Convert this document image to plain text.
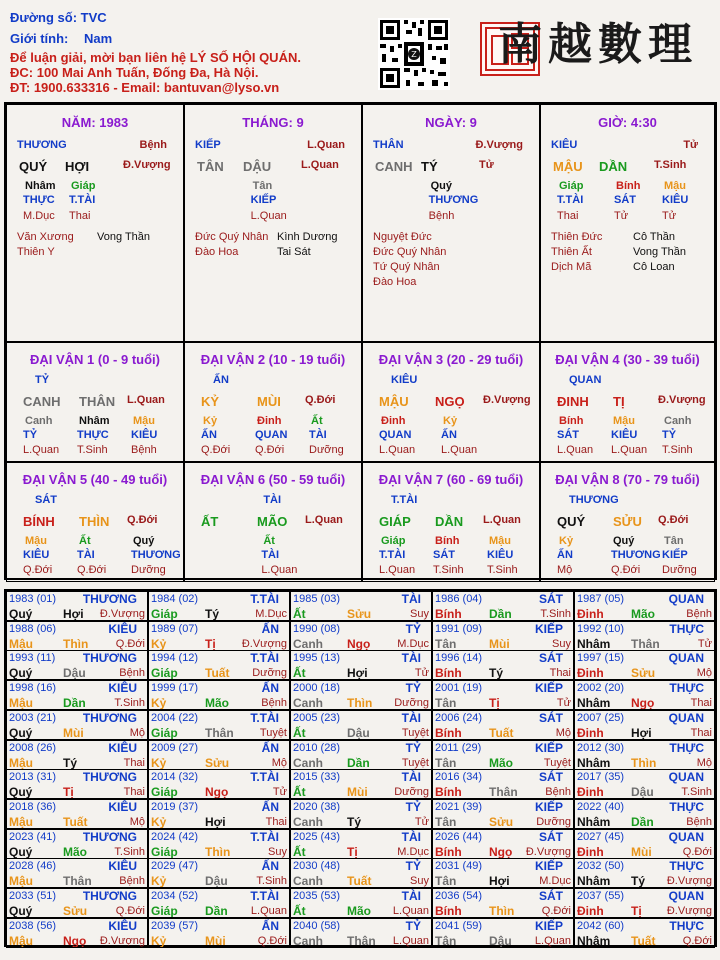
Đường số: TVC
Giới tính: Nam
Để luận giải, mời bạn liên hệ LÝ SỐ HỘI QUÁN.
ĐC: 100 Mai Anh Tuấn, Đống Đa, Hà Nội.
ĐT: 1900.633316 - Email: bantuvan@lyso.vn
Z 南越數理
NĂM: 1983
THƯƠNG	Bệnh
QUÝ HỢI	Đ.Vượng
Nhâm Giáp
THỰC T.TÀI
M.Dục Thai
Văn Xương
Thiên Y
Vong Thần
THÁNG: 9
KIẾP	L.Quan
TÂN DẬU	L.Quan
Tân
KIẾP
L.Quan
Đức Quý Nhân
Đào Hoa
Kình Dương
Tai Sát
NGÀY: 9
THÂN	Đ.Vượng
CANH TÝ	Tử
Quý
THƯƠNG
Bệnh
Nguyệt Đức
Đức Quý Nhân
Tứ Quý Nhân
Đào Hoa
GIỜ: 4:30
KIÊU	Tử
MẬU DẦN T.Sinh
Giáp	Bính Mậu
T.TÀI	SÁT KIÊU
Thai	Tử	Tử
Thiên Đức
Thiên Ất
Dịch Mã
Cô Thần
Vong Thần
Cô Loan
ĐẠI VẬN 1 (0 - 9 tuổi)
TỶ
CANH THÂN L.Quan
Canh Nhâm Mậu
TỶ	THỰC KIÊU
L.Quan T.Sinh Bệnh
ĐẠI VẬN 2 (10 - 19 tuổi)
ẤN
KỶ	MÙI Q.Đới
Kỷ	Đinh	Ất
ẤN	QUAN TÀI
Q.Đới Q.Đới Dưỡng
ĐẠI VẬN 3 (20 - 29 tuổi)
KIÊU
MẬU NGỌ Đ.Vượng
Đinh	Kỷ
QUAN	ẤN
L.Quan L.Quan
ĐẠI VẬN 4 (30 - 39 tuổi)
QUAN
ĐINH TỊ	Đ.Vượng
Bính	Mậu	Canh
SÁT	KIÊU TỶ
L.Quan L.Quan T.Sinh
ĐẠI VẬN 5 (40 - 49 tuổi)
SÁT
BÍNH THÌN Q.Đới
Mậu	Ất	Quý
KIÊU	TÀI	THƯƠNG
Q.Đới Q.Đới Dưỡng
ĐẠI VẬN 6 (50 - 59 tuổi)
TÀI
ẤT	MÃO L.Quan
Ất
TÀI
L.Quan
ĐẠI VẬN 7 (60 - 69 tuổi)
T.TÀI
GIÁP DẦN L.Quan
Giáp	Bính	Mậu
T.TÀI	SÁT	KIÊU
L.Quan T.Sinh T.Sinh
ĐẠI VẬN 8 (70 - 79 tuổi)
THƯƠNG
QUÝ SỬU Q.Đới
Kỷ	Quý	Tân
ẤN	THƯƠNG KIẾP
Mộ	Q.Đới Dưỡng
1983 (01) THƯƠNG
Quý	Hợi Đ.Vượng
1984 (02)	T.TÀI
Giáp Tý	M.Dục
1985 (03)	TÀI
Ất	Sửu	Suy
1986 (04)	SÁT
Bính Dần	T.Sinh
1987 (05)	QUAN
Đinh Mão	Bệnh
1988 (06)	KIÊU
Mậu	Thìn Q.Đới
1989 (07)	ẤN
Kỷ	Tị Đ.Vượng
1990 (08)	TỶ
Canh Ngọ M.Dục
1991 (09)	KIẾP
Tân	Mùi	Suy
1992 (10)	THỰC
Nhâm Thân	Tử
1993 (11) THƯƠNG
Quý	Dậu	Bệnh
1994 (12)	T.TÀI
Giáp Tuất Dưỡng
1995 (13)	TÀI
Ất	Hợi	Tử
1996 (14)	SÁT
Bính Tý	Thai
1997 (15)	QUAN
Đinh Sửu	Mộ
1998 (16)	KIÊU
Mậu	Dần	T.Sinh
1999 (17)	ẤN
Kỷ	Mão	Bệnh
2000 (18)	TỶ
Canh Thìn Dưỡng
2001 (19)	KIẾP
Tân	Tị	Tử
2002 (20)	THỰC
Nhâm Ngọ	Thai
2003 (21) THƯƠNG
Quý	Mùi	Mộ
2004 (22)	T.TÀI
Giáp Thân Tuyệt
2005 (23)	TÀI
Ất	Dậu	Tuyệt
2006 (24)	SÁT
Bính Tuất	Mộ
2007 (25)	QUAN
Đinh Hợi	Thai
2008 (26)	KIÊU
Mậu	Tý	Thai
2009 (27)	ẤN
Kỷ	Sửu	Mộ
2010 (28)	TỶ
Canh Dần	Tuyệt
2011 (29)	KIẾP
Tân	Mão	Tuyệt
2012 (30)	THỰC
Nhâm Thìn	Mộ
2013 (31) THƯƠNG
Quý	Tị	Thai
2014 (32)	T.TÀI
Giáp Ngọ	Tử
2015 (33)	TÀI
Ất	Mùi Dưỡng
2016 (34)	SÁT
Bính Thân	Bệnh
2017 (35)	QUAN
Đinh Dậu	T.Sinh
2018 (36)	KIÊU
Mậu	Tuất	Mộ
2019 (37)	ẤN
Kỷ	Hợi	Thai
2020 (38)	TỶ
Canh Tý	Tử
2021 (39)	KIẾP
Tân	Sửu Dưỡng
2022 (40)	THỰC
Nhâm Dần	Bệnh
2023 (41) THƯƠNG
Quý	Mão T.Sinh
2024 (42)	T.TÀI
Giáp Thìn	Suy
2025 (43)	TÀI
Ất	Tị	M.Dục
2026 (44)	SÁT
Bính Ngọ Đ.Vượng
2027 (45)	QUAN
Đinh Mùi	Q.Đới
2028 (46)	KIÊU
Mậu	Thân	Bệnh
2029 (47)	ẤN
Kỷ	Dậu	T.Sinh
2030 (48)	TỶ
Canh Tuất	Suy
2031 (49)	KIẾP
Tân	Hợi	M.Dục
2032 (50)	THỰC
Nhâm Tý Đ.Vượng
2033 (51) THƯƠNG
Quý	Sửu	Q.Đới
2034 (52)	T.TÀI
Giáp Dần L.Quan
2035 (53)	TÀI
Ất	Mão L.Quan
2036 (54)	SÁT
Bính Thìn Q.Đới
2037 (55)	QUAN
Đinh Tị Đ.Vượng
2038 (56)	KIÊU
Mậu	Ngọ Đ.Vượng
2039 (57)	ẤN
Kỷ	Mùi	Q.Đới
2040 (58)	TỶ
Canh Thân L.Quan
2041 (59)	KIẾP
Tân	Dậu L.Quan
2042 (60)	THỰC
Nhâm Tuất Q.Đới
